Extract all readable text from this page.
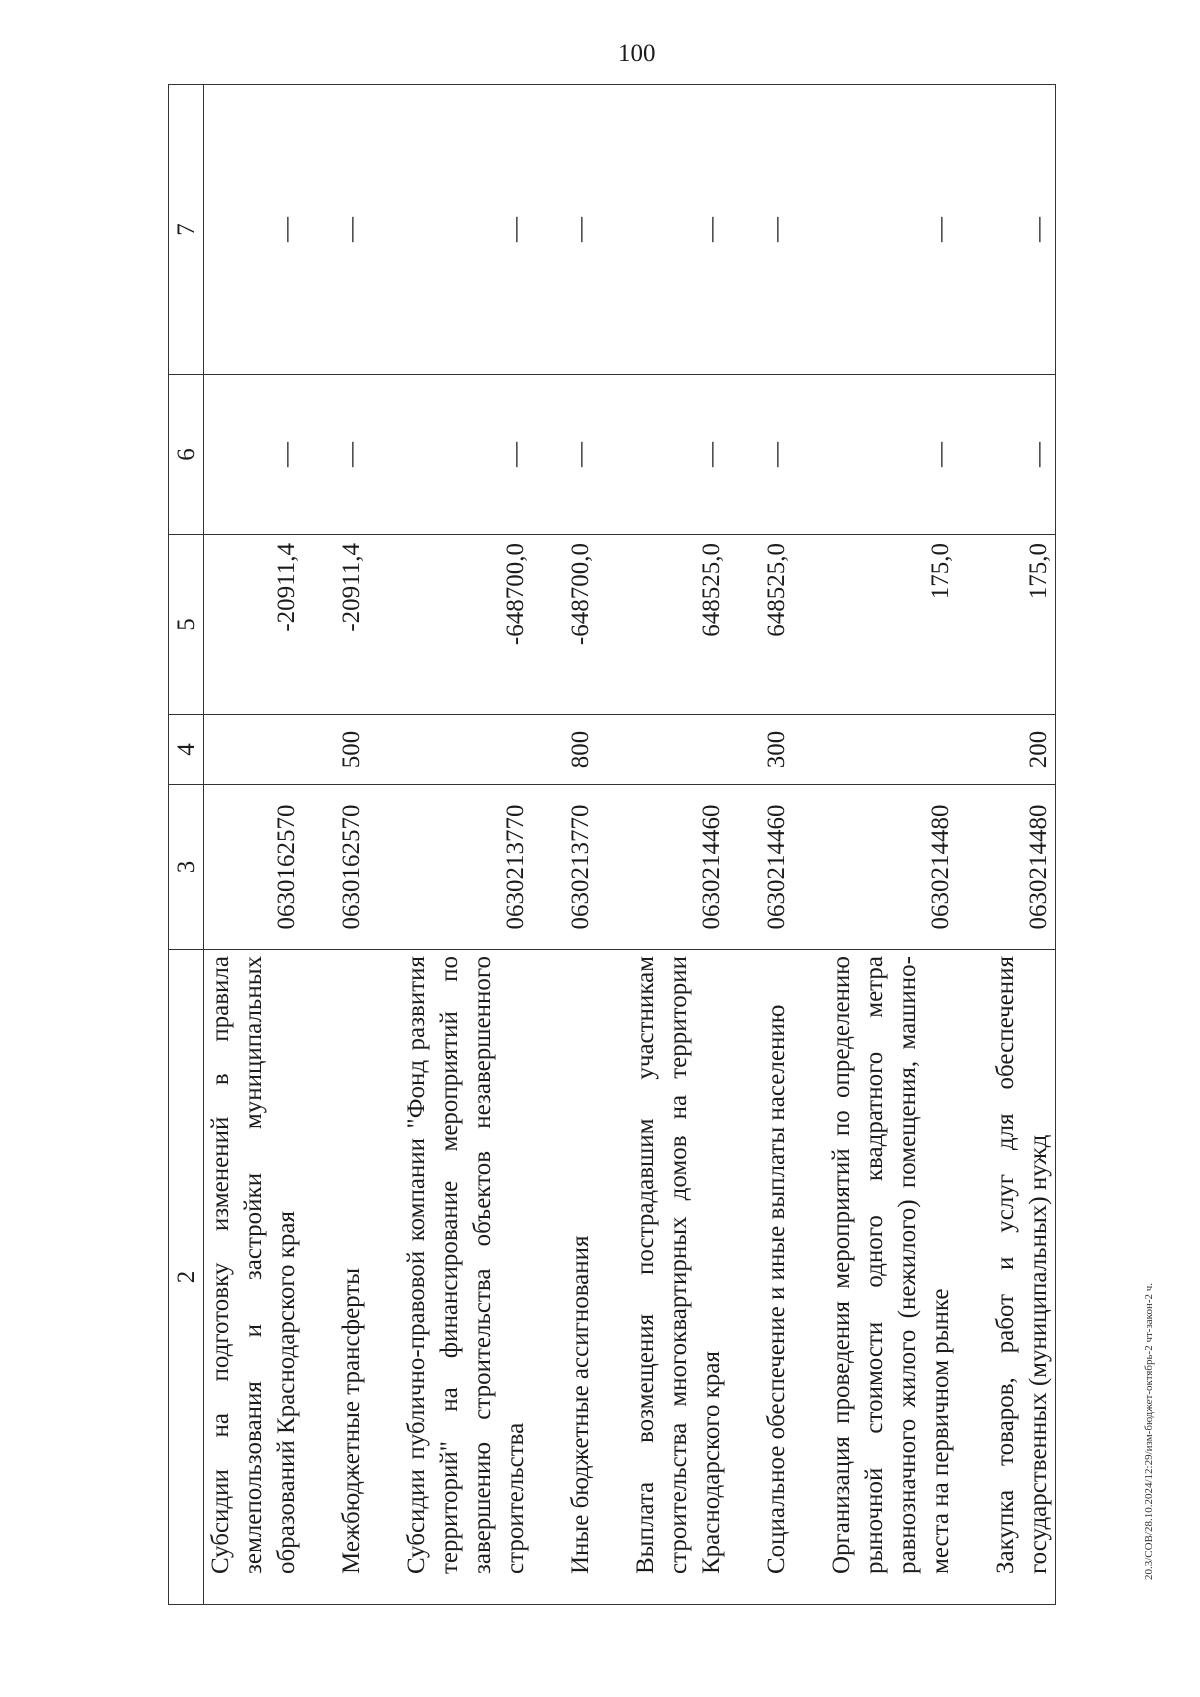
100
2	3	4	5	6	7
Субсидии на подготовку изменений в правила землепользования и застройки муниципальных образований Краснодарского края	0630162570		-20911,4	—	—

Межбюджетные трансферты	0630162570	500	-20911,4	—	—

Субсидии публично-правовой компании "Фонд развития территорий" на финансирование мероприятий по завершению строительства объектов незавершенного строительства	0630213770		-648700,0	—	—

Иные бюджетные ассигнования	0630213770	800	-648700,0	—	—

Выплата возмещения пострадавшим участникам строительства многоквартирных домов на территории Краснодарского края	0630214460		648525,0	—	—

Социальное обеспечение и иные выплаты населению	0630214460	300	648525,0	—	—

Организация проведения мероприятий по определению рыночной стоимости одного квадратного метра равнозначного жилого (нежилого) помещения, машино-места на первичном рынке	0630214480		175,0	—	—

Закупка товаров, работ и услуг для обеспечения государственных (муниципальных) нужд	0630214480	200	175,0	—	—
20.3/СОВ/28.10.2024/12:29/изм-бюджет-октябрь-2 чт-закон-2 ч.
